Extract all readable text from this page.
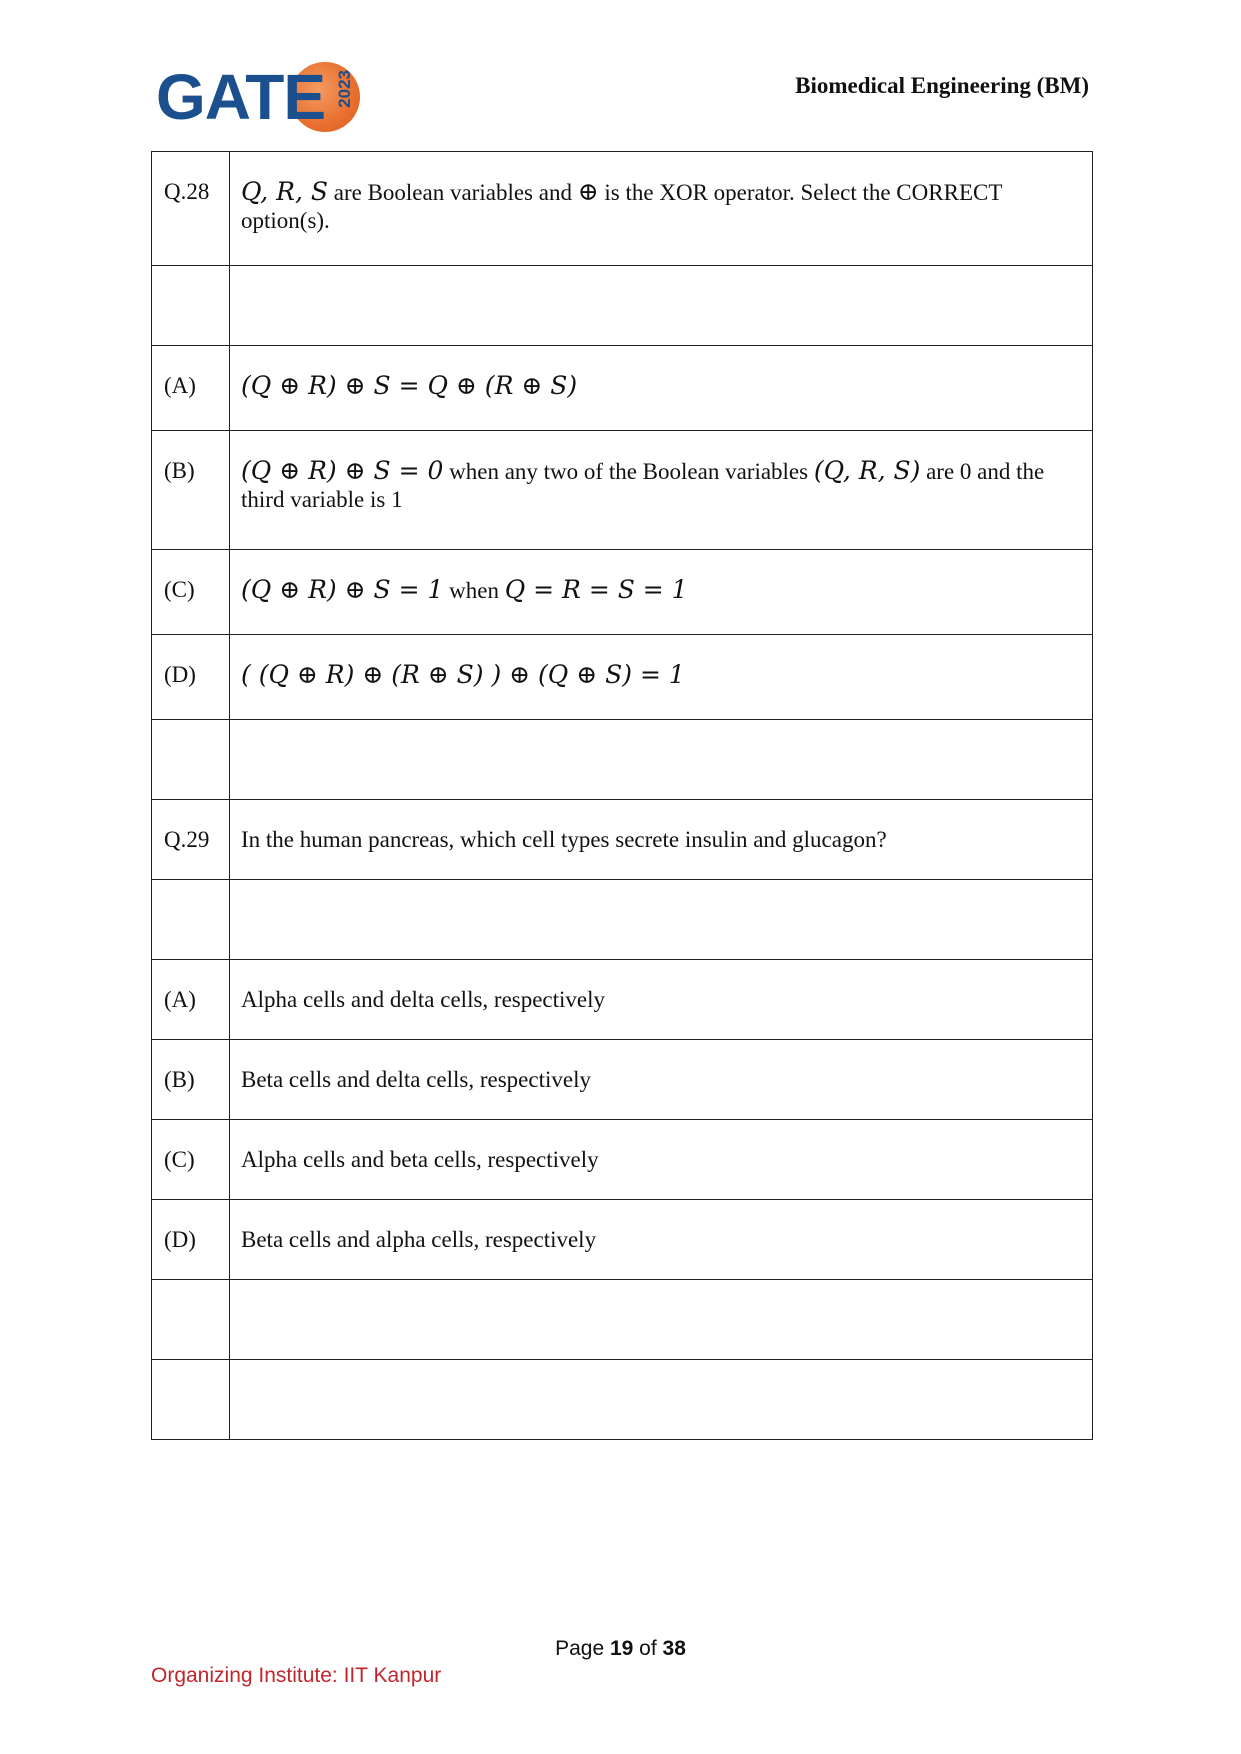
GATE 2023	Biomedical Engineering (BM)
Q.28	Q, R, S are Boolean variables and ⊕ is the XOR operator. Select the CORRECT option(s).

(A)	(Q ⊕ R) ⊕ S = Q ⊕ (R ⊕ S)
(B)	(Q ⊕ R) ⊕ S = 0 when any two of the Boolean variables (Q, R, S) are 0 and the third variable is 1
(C)	(Q ⊕ R) ⊕ S = 1 when Q = R = S = 1
(D)	( (Q ⊕ R) ⊕ (R ⊕ S) ) ⊕ (Q ⊕ S) = 1

Q.29	In the human pancreas, which cell types secrete insulin and glucagon?

(A)	Alpha cells and delta cells, respectively
(B)	Beta cells and delta cells, respectively
(C)	Alpha cells and beta cells, respectively
(D)	Beta cells and alpha cells, respectively

Page 19 of 38
Organizing Institute: IIT Kanpur
